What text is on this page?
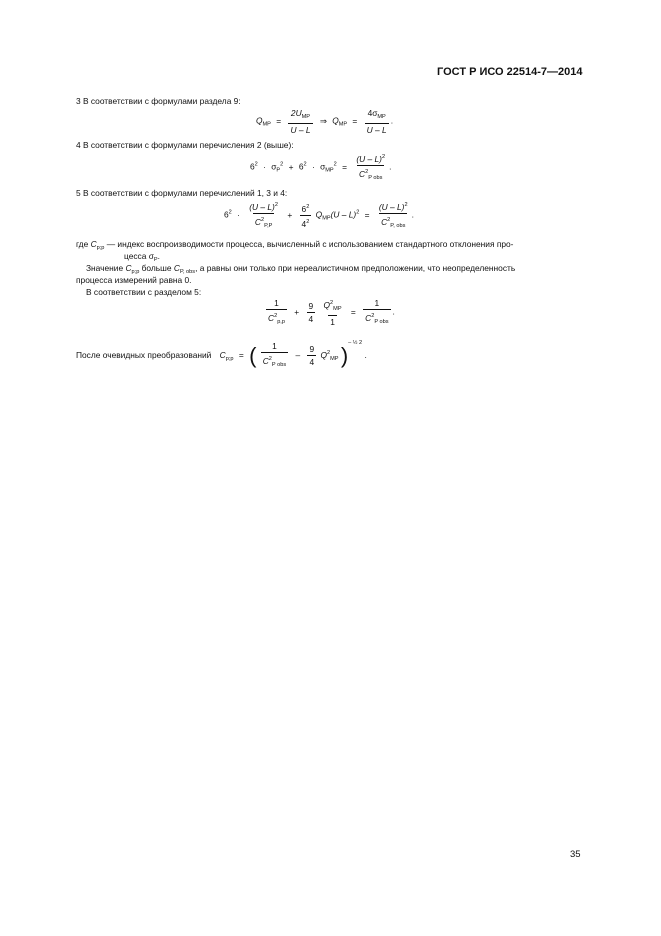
ГОСТ Р ИСО 22514-7—2014
3 В соответствии с формулами раздела 9:
$Q_{MP} = \frac{2U_{MP}}{U - L}$ ⇒ $Q_{MP} = \frac{4\sigma_{MP}}{U - L}$ .
4 В соответствии с формулами перечисления 2 (выше):
$6^2 \cdot \sigma_P^2 + 6^2 \cdot \sigma_{MP}^2 = \frac{(U - L)^2}{C^2_{P obs}}$ .
5 В соответствии с формулами перечислений 1, 3 и 4:
$6^2 \cdot \frac{(U - L)^2}{C^2_{P,P}} + \frac{6^2}{4^2} Q_{MP}(U - L)^2 = \frac{(U - L)^2}{C^2_{P, obs}}$ .
где $C_{p;p}$ — индекс воспроизводимости процесса, вычисленный с использованием стандартного отклонения про-
цесса $\sigma_P$.
Значение $C_{p;p}$ больше $C_{P, obs}$, а равны они только при нереалистичном предположении, что неопределенность
процесса измерений равна 0.
В соответствии с разделом 5:
$\frac{1}{C^2_{p,p}} + \frac{9}{4}$
$\frac{Q^2_{MP}}{1} = \frac{1}{C^2_{P obs}}$ .
После очевидных преобразований $C_{p;p}$ = ( $\frac{1}{C^2_{P obs}} - \frac{9}{4} Q^2_{MP}$ )$^{- \frac{1}{2} 2}$ .
35
